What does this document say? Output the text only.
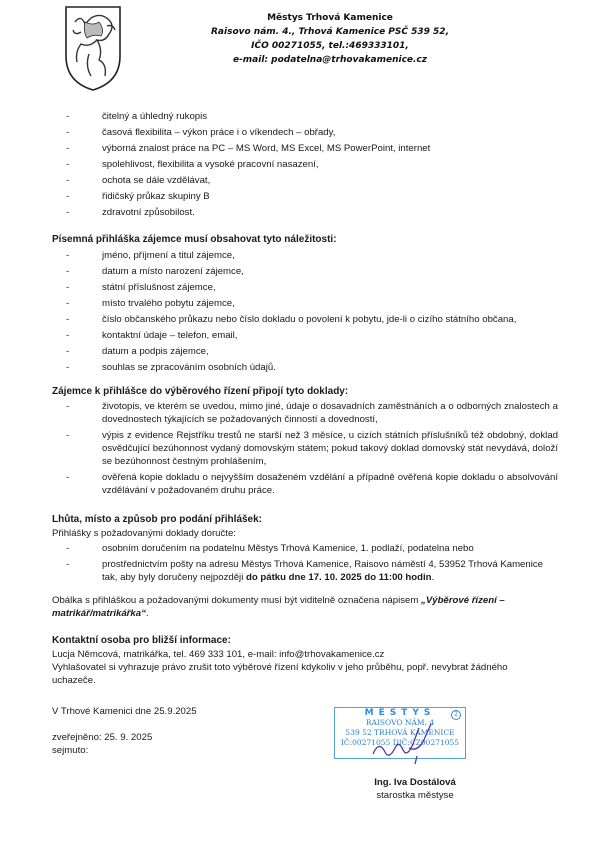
Městys Trhová Kamenice
Raisovo nám. 4., Trhová Kamenice PSČ 539 52,
IČO 00271055, tel.:469333101,
e-mail: podatelna@trhovakamenice.cz
- čitelný a úhledný rukopis
- časová flexibilita – výkon práce i o víkendech – obřady,
- výborná znalost práce na PC – MS Word, MS Excel, MS PowerPoint, internet
- spolehlivost, flexibilita a vysoké pracovní nasazení,
- ochota se dále vzdělávat,
- řidičský průkaz skupiny B
- zdravotní způsobilost.
Písemná přihláška zájemce musí obsahovat tyto náležitosti:
- jméno, příjmení a titul zájemce,
- datum a místo narození zájemce,
- státní příslušnost zájemce,
- místo trvalého pobytu zájemce,
- číslo občanského průkazu nebo číslo dokladu o povolení k pobytu, jde-li o cizího státního občana,
- kontaktní údaje – telefon, email,
- datum a podpis zájemce,
- souhlas se zpracováním osobních údajů.
Zájemce k přihlášce do výběrového řízení připojí tyto doklady:
- životopis, ve kterém se uvedou, mimo jiné, údaje o dosavadních zaměstnáních a o odborných znalostech a dovednostech týkajících se požadovaných činností a dovedností,
- výpis z evidence Rejstříku trestů ne starší než 3 měsíce, u cizích státních příslušníků též obdobný, doklad osvědčující bezúhonnost vydaný domovským státem; pokud takový doklad domovský stát nevydává, doloží se bezúhonnost čestným prohlášením,
- ověřená kopie dokladu o nejvyšším dosaženém vzdělání a případně ověřená kopie dokladu o absolvování vzdělávání v požadovaném druhu práce.
Lhůta, místo a způsob pro podání přihlášek:
Přihlášky s požadovanými doklady doručte:
- osobním doručením na podatelnu Městys Trhová Kamenice, 1. podlaží, podatelna nebo
- prostřednictvím pošty na adresu Městys Trhová Kamenice, Raisovo náměstí 4, 53952 Trhová Kamenice tak, aby byly doručeny nejpozději do pátku dne 17. 10. 2025 do 11:00 hodin.
Obálka s přihláškou a požadovanými dokumenty musí být viditelně označena nápisem „Výběrové řízení – matrikář/matrikářka“.
Kontaktní osoba pro bližší informace:
Lucja Němcová, matrikářka, tel. 469 333 101, e-mail: info@trhovakamenice.cz
Vyhlašovatel si vyhrazuje právo zrušit toto výběrové řízení kdykoliv v jeho průběhu, popř. nevybrat žádného uchazeče.
V Trhové Kamenici dne 25.9.2025
zveřejněno: 25. 9. 2025
sejmuto:
MĚSTYS	2
RAISOVO NÁM. 4
539 52 TRHOVÁ KAMENICE
IČ:00271055 DIČ:CZ00271055
Ing. Iva Dostálová
starostka městyse
